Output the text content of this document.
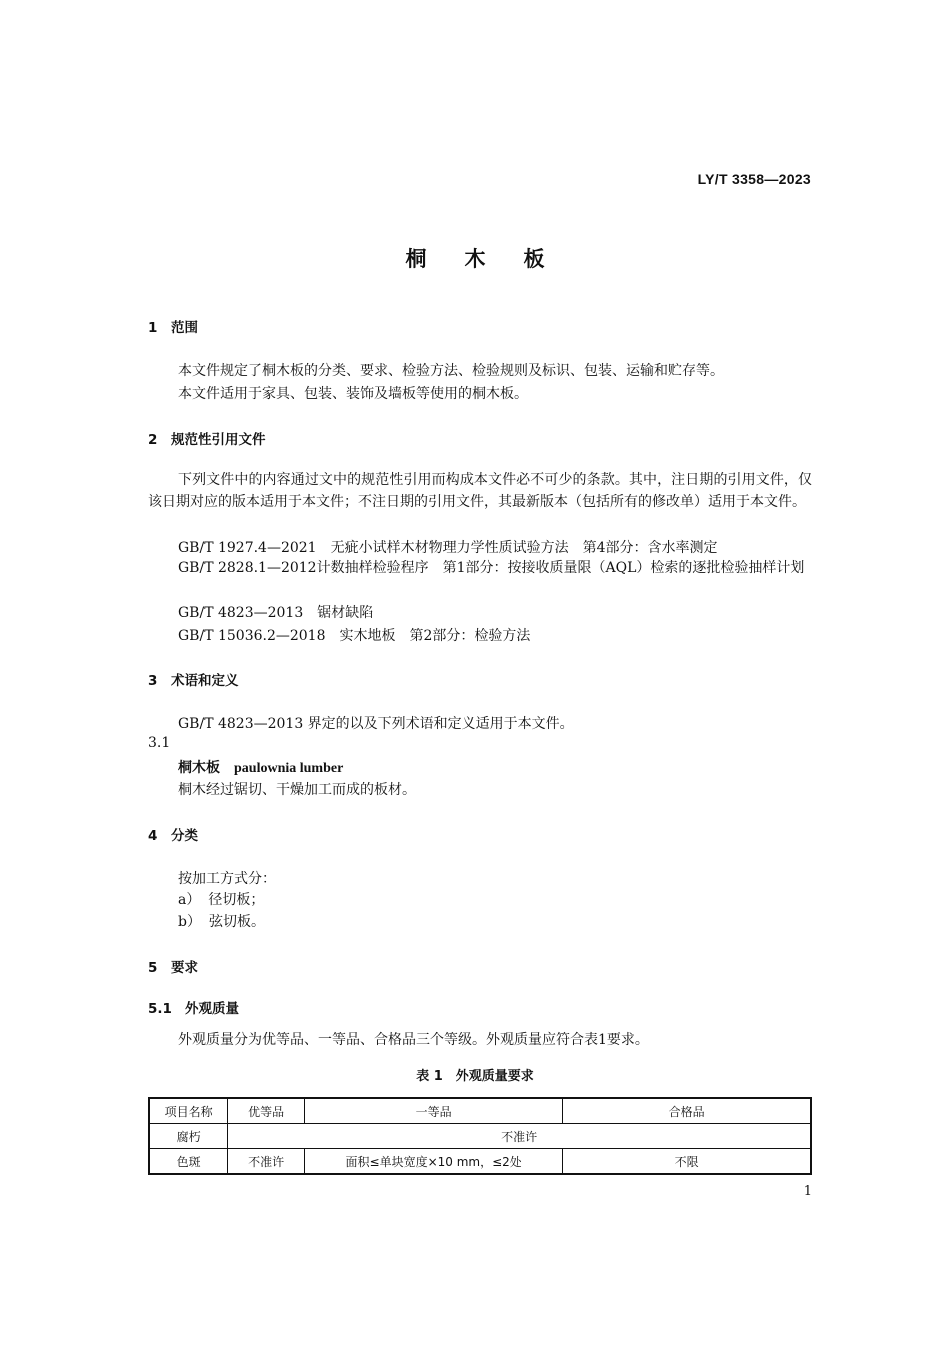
LY/T 3358—2023
桐木板
1 范围
本文件规定了桐木板的分类、要求、检验方法、检验规则及标识、包装、运输和贮存等。
本文件适用于家具、包装、装饰及墙板等使用的桐木板。
2 规范性引用文件
下列文件中的内容通过文中的规范性引用而构成本文件必不可少的条款。其中，注日期的引用文件，仅该日期对应的版本适用于本文件；不注日期的引用文件，其最新版本（包括所有的修改单）适用于本文件。
GB/T 1927.4—2021 无疵小试样木材物理力学性质试验方法　第4部分：含水率测定
GB/T 2828.1—2012计数抽样检验程序　第1部分：按接收质量限（AQL）检索的逐批检验抽样计划
GB/T 4823—2013 锯材缺陷
GB/T 15036.2—2018 实木地板　第2部分：检验方法
3 术语和定义
GB/T 4823—2013 界定的以及下列术语和定义适用于本文件。
3.1
桐木板 paulownia lumber
桐木经过锯切、干燥加工而成的板材。
4 分类
按加工方式分：
a） 径切板；
b） 弦切板。
5 要求
5.1 外观质量
外观质量分为优等品、一等品、合格品三个等级。外观质量应符合表1要求。
表 1　外观质量要求
项目名称	优等品	一等品	合格品
腐朽	不准许		
色斑	不准许	面积≤单块宽度×10 mm，≤2处	不限
1
